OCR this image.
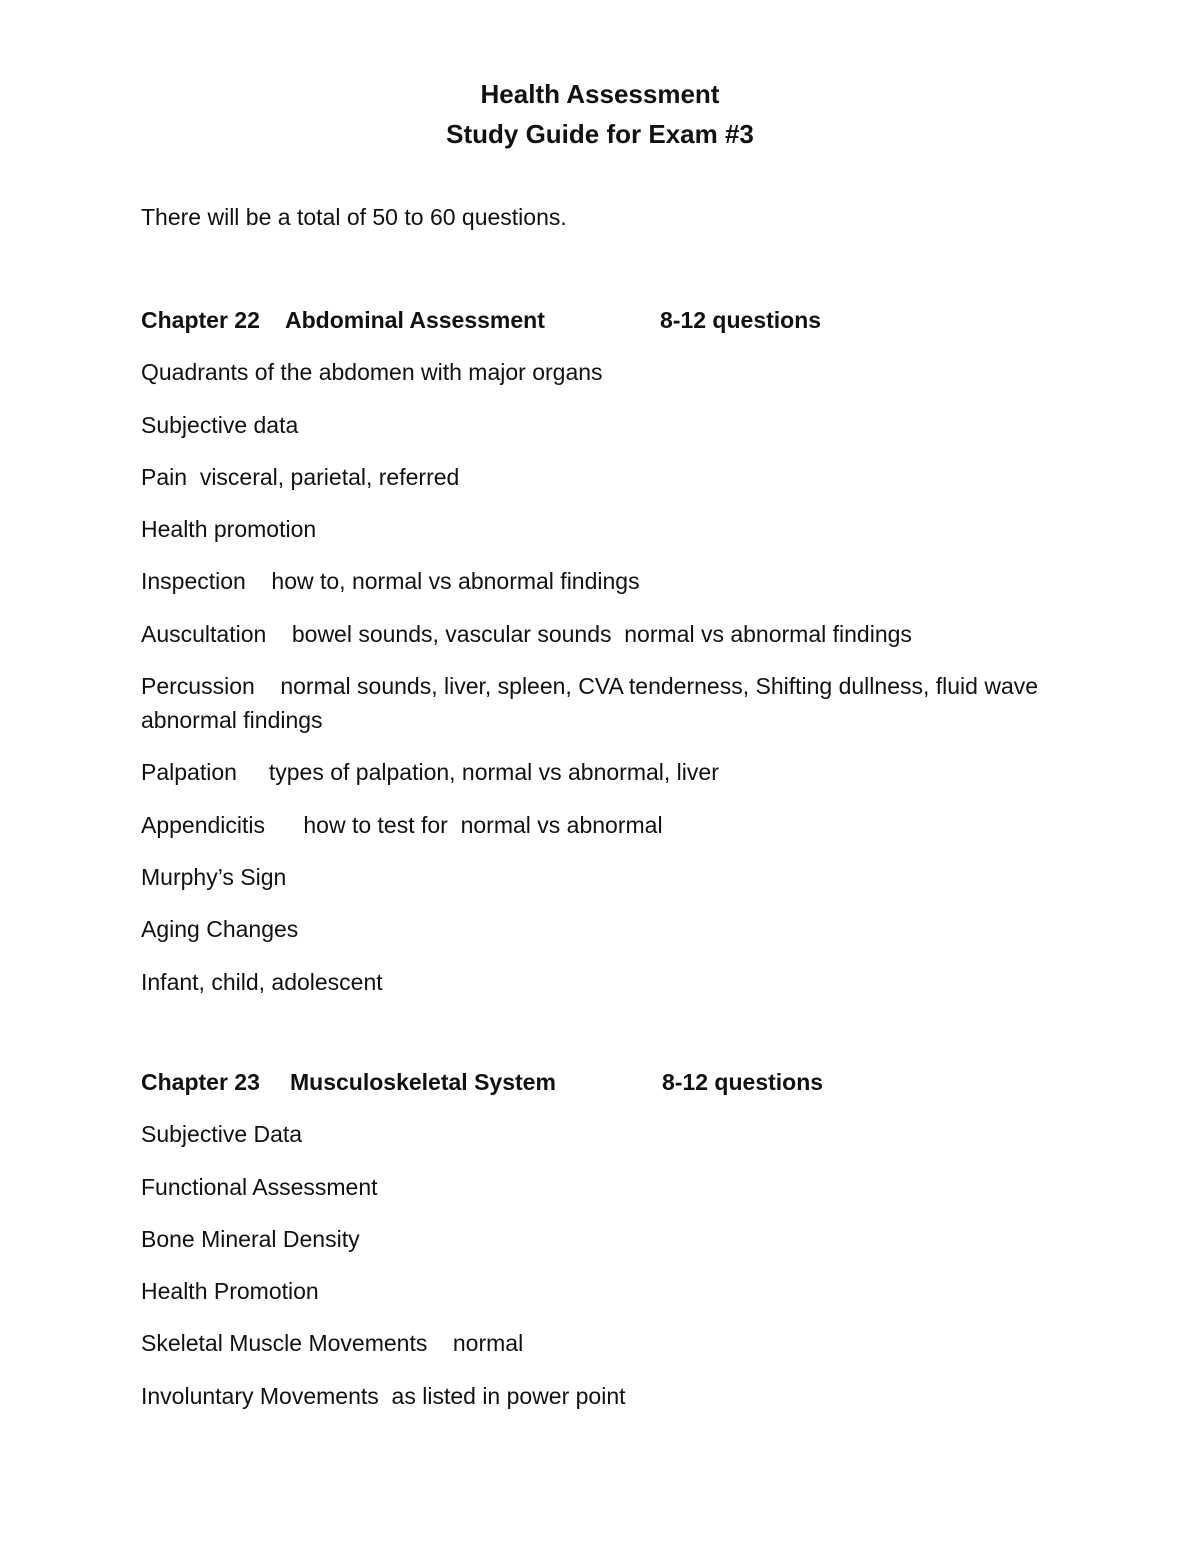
Health Assessment
Study Guide for Exam #3
There will be a total of 50 to 60 questions.

Chapter 22

Abdominal Assessment

	8-12 questions

Quadrants of the abdomen with major organs
Subjective data
Pain  visceral, parietal, referred
Health promotion
Inspection    how to, normal vs abnormal findings
Auscultation    bowel sounds, vascular sounds  normal vs abnormal findings
Percussion    normal sounds, liver, spleen, CVA tenderness, Shifting dullness, fluid wave  abnormal findings
Palpation     types of palpation, normal vs abnormal, liver
Appendicitis      how to test for  normal vs abnormal
Murphy’s Sign
Aging Changes
Infant, child, adolescent

Chapter 23

Musculoskeletal System

	8-12 questions

Subjective Data
Functional Assessment
Bone Mineral Density
Health Promotion
Skeletal Muscle Movements    normal
Involuntary Movements  as listed in power point
